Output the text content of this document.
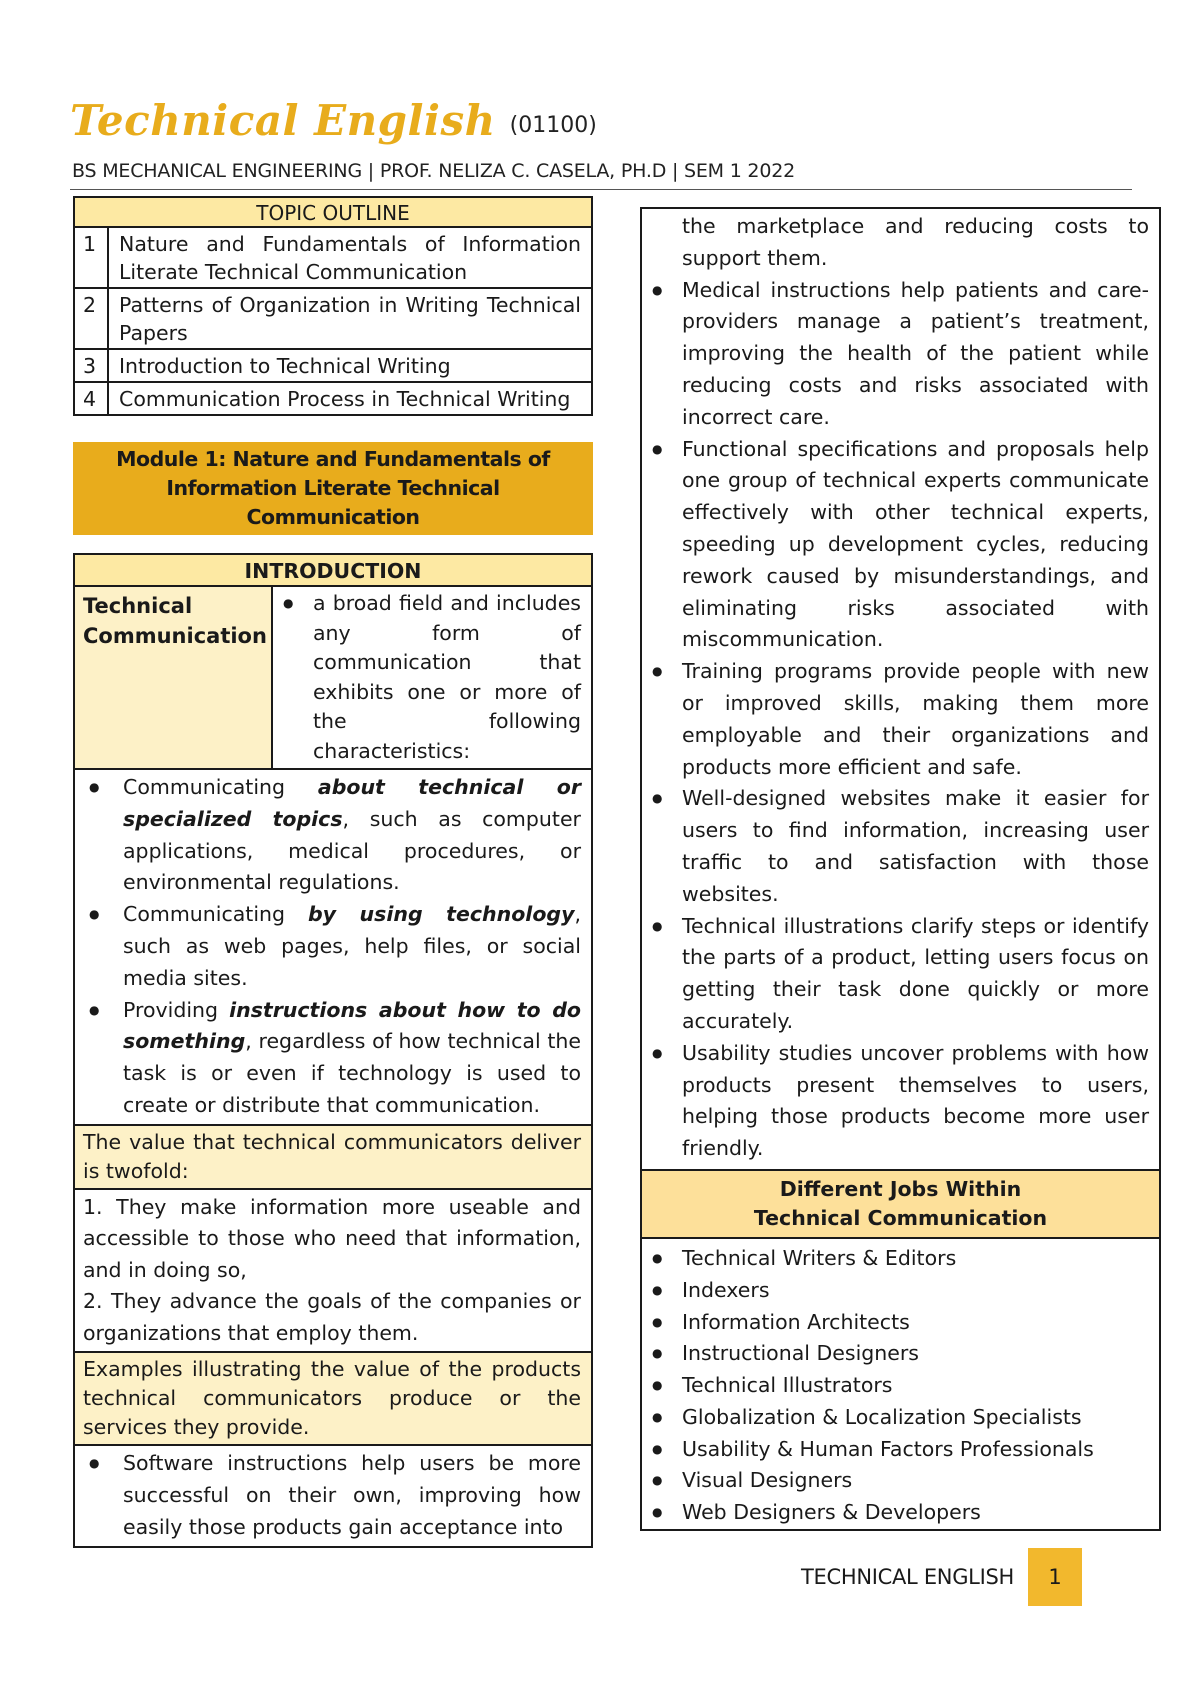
Technical English (01100)
BS MECHANICAL ENGINEERING | PROF. NELIZA C. CASELA, PH.D | SEM 1 2022
TOPIC OUTLINE	
1	Nature and Fundamentals of Information Literate Technical Communication
2	Patterns of Organization in Writing Technical Papers
3	Introduction to Technical Writing
4	Communication Process in Technical Writing
Module 1: Nature and Fundamentals of
Information Literate Technical Communication
INTRODUCTION
Technical Communication
● a broad field and includes any form of communication that exhibits one or more of the following characteristics:
● Communicating about technical or specialized topics, such as computer applications, medical procedures, or environmental regulations.
● Communicating by using technology, such as web pages, help files, or social media sites.
● Providing instructions about how to do something, regardless of how technical the task is or even if technology is used to create or distribute that communication.
The value that technical communicators deliver is twofold:
1. They make information more useable and accessible to those who need that information, and in doing so,
2. They advance the goals of the companies or organizations that employ them.
Examples illustrating the value of the products technical communicators produce or the services they provide.
● Software instructions help users be more successful on their own, improving how easily those products gain acceptance into
the marketplace and reducing costs to support them.
● Medical instructions help patients and care-providers manage a patient’s treatment, improving the health of the patient while reducing costs and risks associated with incorrect care.
● Functional specifications and proposals help one group of technical experts communicate effectively with other technical experts, speeding up development cycles, reducing rework caused by misunderstandings, and eliminating risks associated with miscommunication.
● Training programs provide people with new or improved skills, making them more employable and their organizations and products more efficient and safe.
● Well-designed websites make it easier for users to find information, increasing user traffic to and satisfaction with those websites.
● Technical illustrations clarify steps or identify the parts of a product, letting users focus on getting their task done quickly or more accurately.
● Usability studies uncover problems with how products present themselves to users, helping those products become more user friendly.
Different Jobs Within
Technical Communication
● Technical Writers & Editors
● Indexers
● Information Architects
● Instructional Designers
● Technical Illustrators
● Globalization & Localization Specialists
● Usability & Human Factors Professionals
● Visual Designers
● Web Designers & Developers
TECHNICAL ENGLISH	1
